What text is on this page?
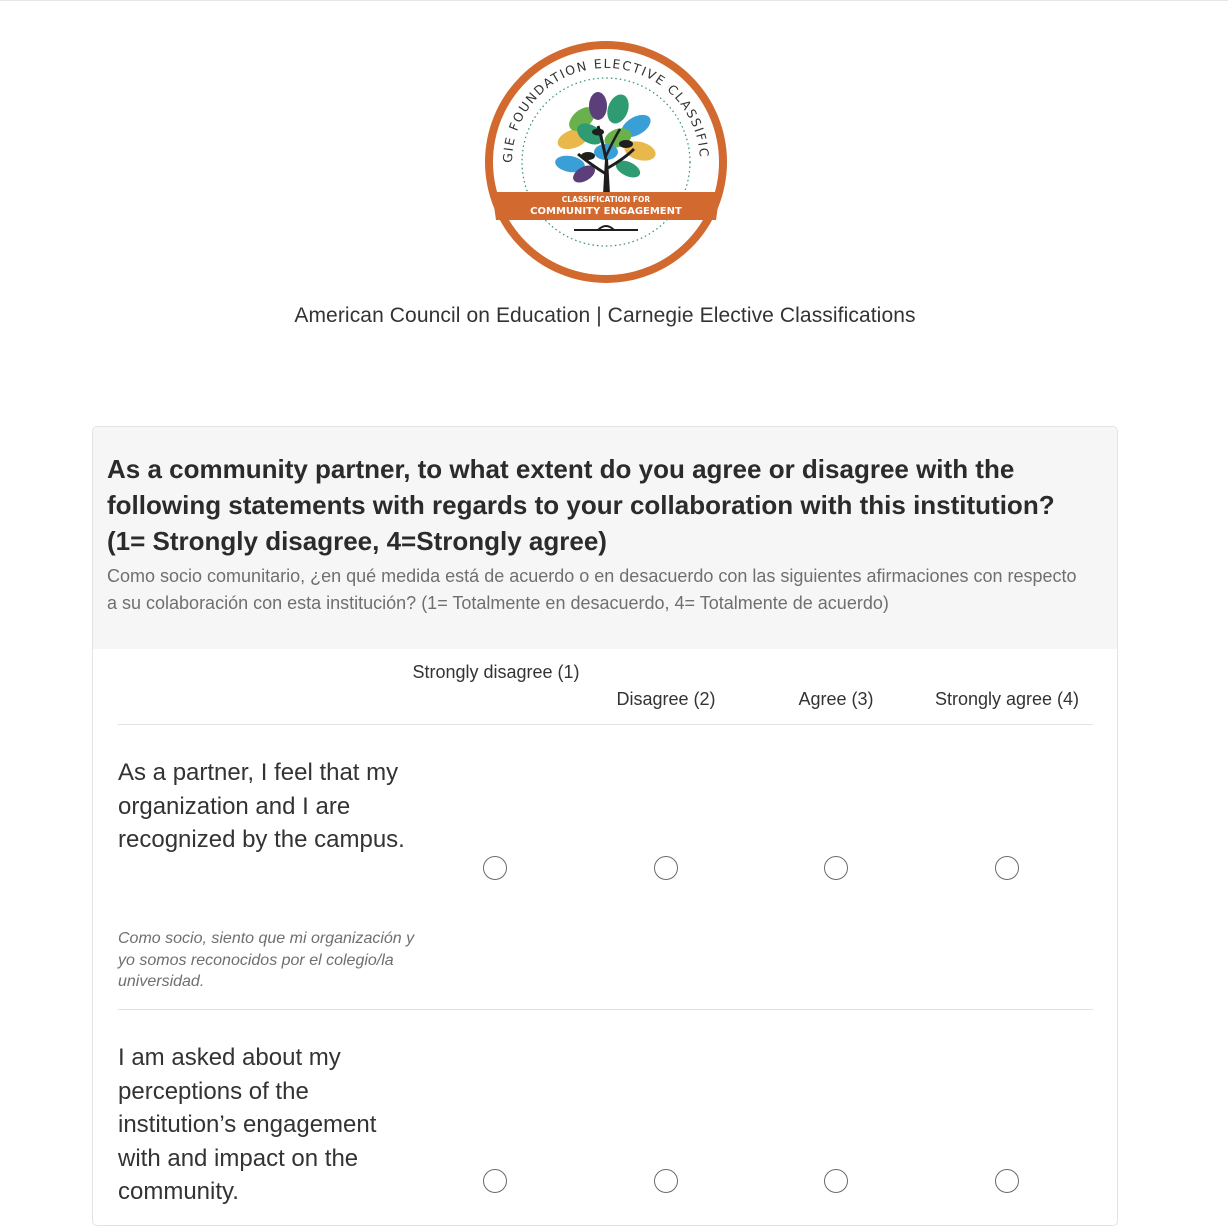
GIE FOUNDATION ELECTIVE CLASSIFIC
CLASSIFICATION FOR
COMMUNITY ENGAGEMENT
American Council on Education | Carnegie Elective Classifications
As a community partner, to what extent do you agree or disagree with the following statements with regards to your collaboration with this institution? (1= Strongly disagree, 4=Strongly agree)
Como socio comunitario, ¿en qué medida está de acuerdo o en desacuerdo con las siguientes afirmaciones con respecto a su colaboración con esta institución? (1= Totalmente en desacuerdo, 4= Totalmente de acuerdo)
Strongly disagree (1)
Disagree (2)	Agree (3)	Strongly agree (4)
As a partner, I feel that my organization and I are recognized by the campus.
Como socio, siento que mi organización y yo somos reconocidos por el colegio/la universidad.
I am asked about my perceptions of the institution’s engagement with and impact on the community.
